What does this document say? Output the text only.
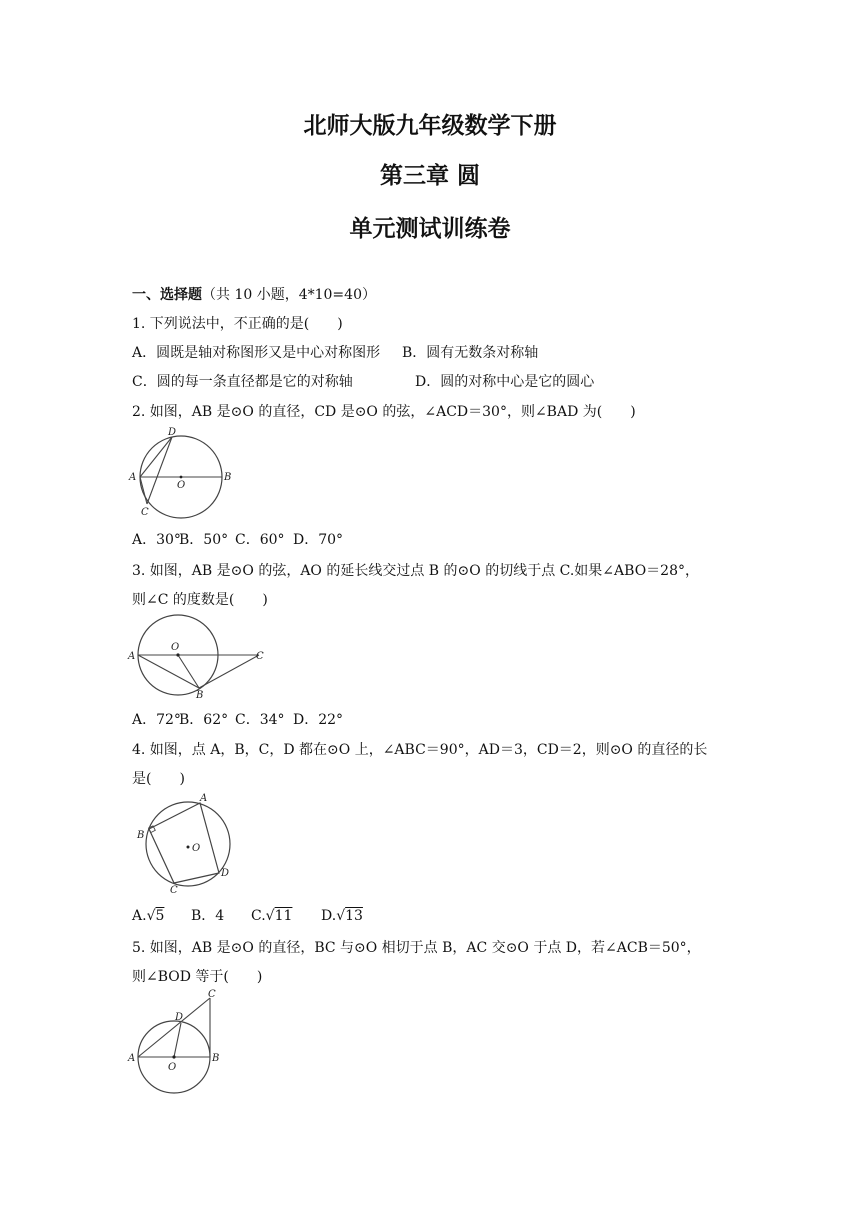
北师大版九年级数学下册
第三章 圆
单元测试训练卷
一、选择题（共 10 小题，4*10=40）
1. 下列说法中，不正确的是(　　)
A．圆既是轴对称图形又是中心对称图形 B．圆有无数条对称轴
C．圆的每一条直径都是它的对称轴	D．圆的对称中心是它的圆心
2. 如图，AB 是⊙O 的直径，CD 是⊙O 的弦，∠ACD＝30°，则∠BAD 为(　　)
D
A
O
B
C
A．30°B．50° C．60° D．70°
3. 如图，AB 是⊙O 的弦，AO 的延长线交过点 B 的⊙O 的切线于点 C.如果∠ABO＝28°，
则∠C 的度数是(　　)
O
A	C
B
A．72°B．62° C．34° D．22°
4. 如图，点 A，B，C，D 都在⊙O 上，∠ABC＝90°，AD＝3，CD＝2，则⊙O 的直径的长
是(　　)
A
B
O
C
D
A.√5 B．4 C.√11 D.√13
5. 如图，AB 是⊙O 的直径，BC 与⊙O 相切于点 B，AC 交⊙O 于点 D，若∠ACB＝50°，
则∠BOD 等于(　　)
C
D
A
O
B
